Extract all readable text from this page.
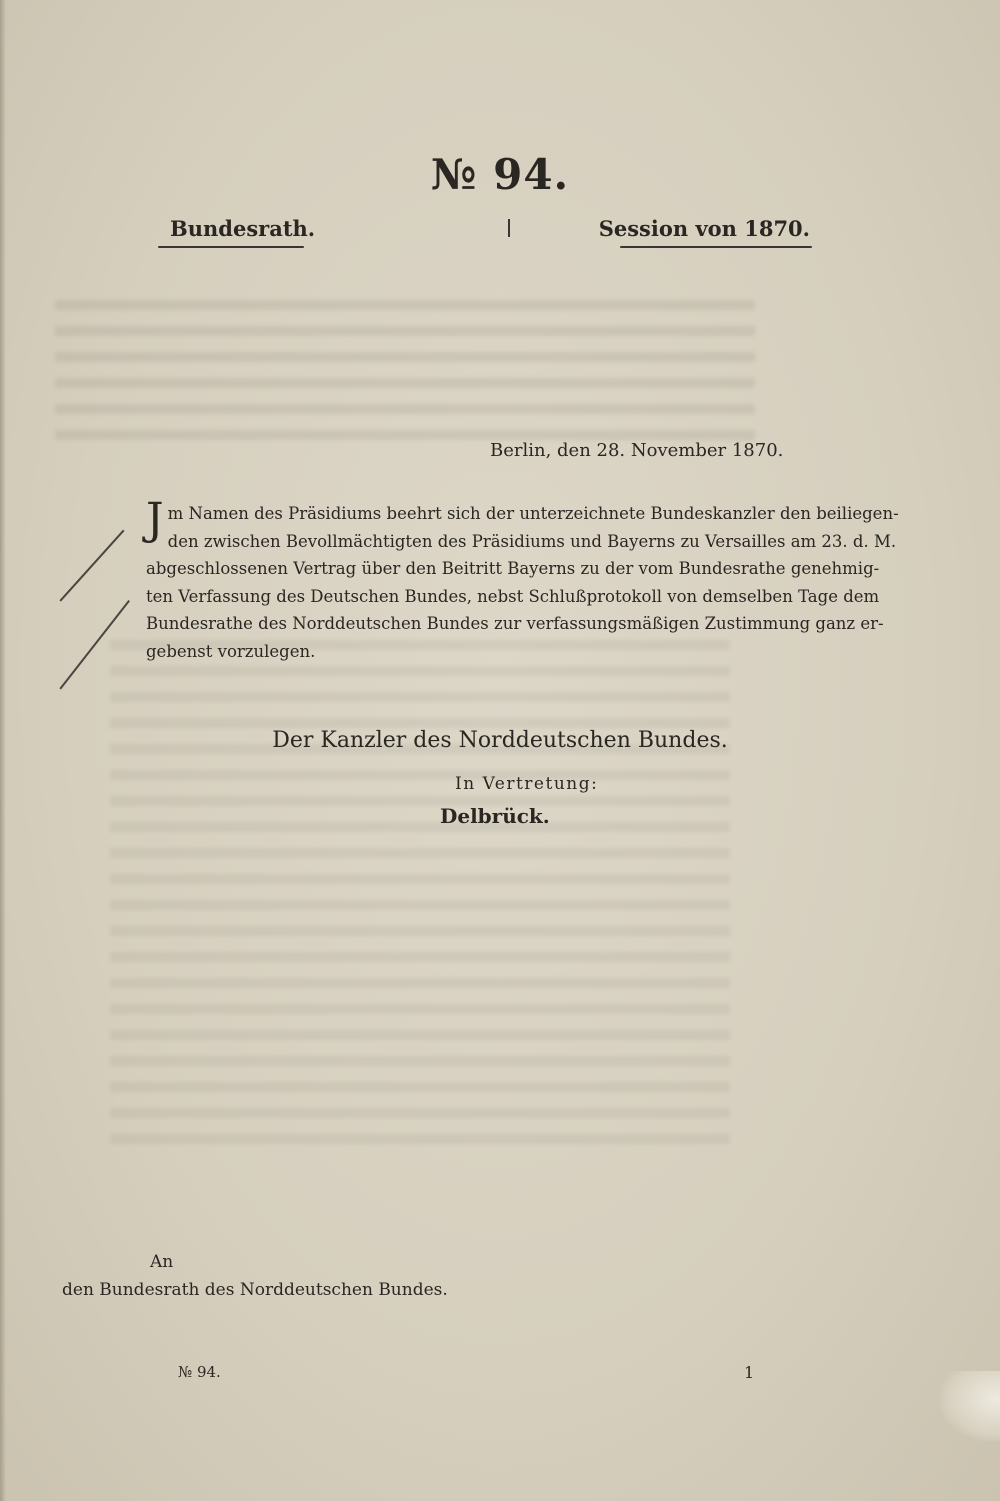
№ 94.
Bundesrath.	Session von 1870.
Berlin, den 28. November 1870.
J m Namen des Präsidiums beehrt sich der unterzeichnete Bundeskanzler den beiliegen-
den zwischen Bevollmächtigten des Präsidiums und Bayerns zu Versailles am 23. d. M.
abgeschlossenen Vertrag über den Beitritt Bayerns zu der vom Bundesrathe genehmig-
ten Verfassung des Deutschen Bundes, nebst Schlußprotokoll von demselben Tage dem
Bundesrathe des Norddeutschen Bundes zur verfassungsmäßigen Zustimmung ganz er-
gebenst vorzulegen.
Der Kanzler des Norddeutschen Bundes.
In Vertretung:
Delbrück.
An
den Bundesrath des Norddeutschen Bundes.
№ 94.	1
